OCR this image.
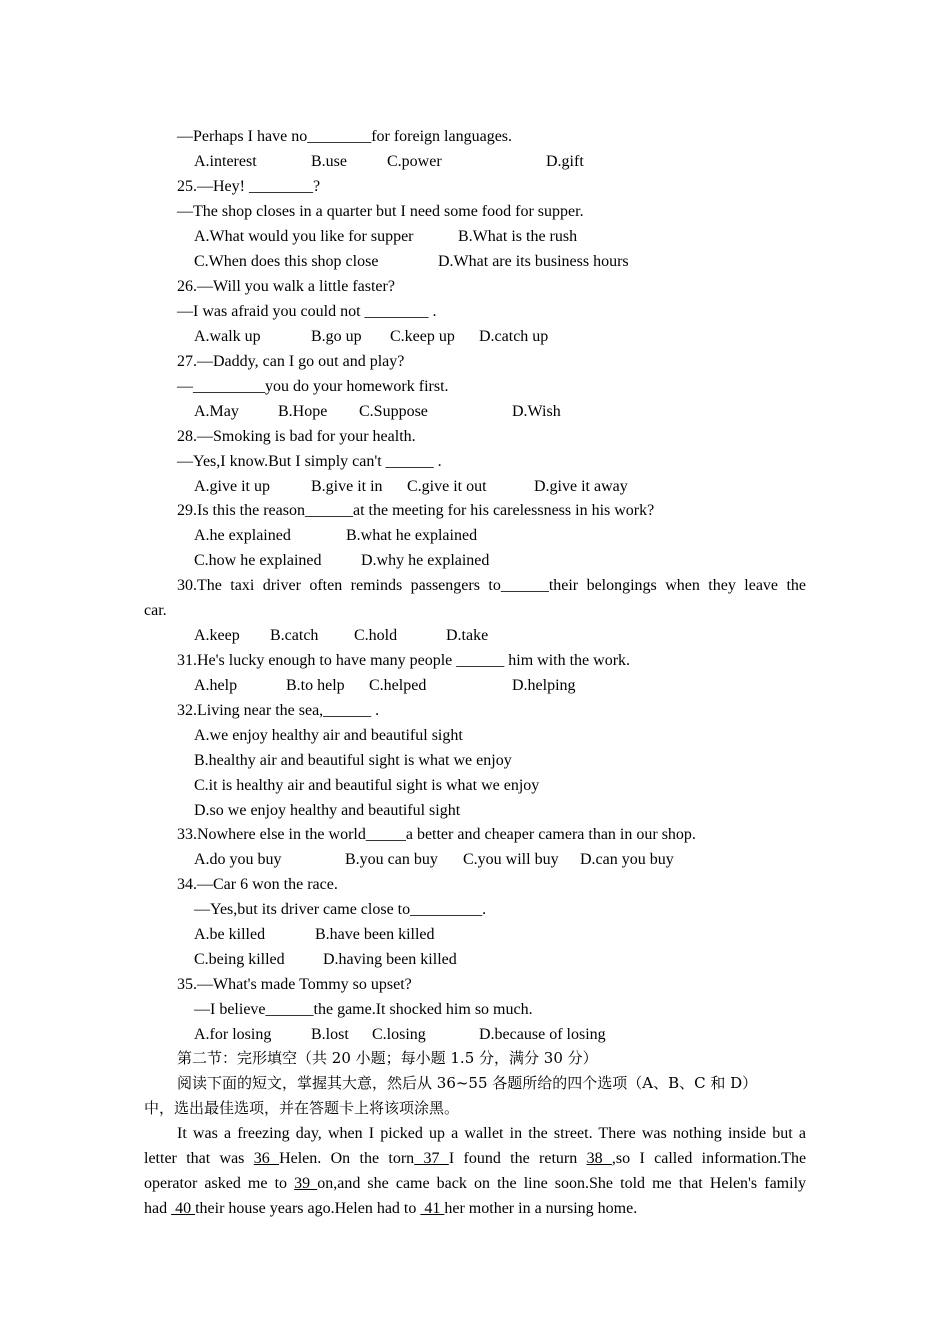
—Perhaps I have no________for foreign languages.
A.interest	B.use	C.power	D.gift
25.—Hey! ________?
—The shop closes in a quarter but I need some food for supper.
A.What would you like for supper	B.What is the rush
C.When does this shop close	D.What are its business hours
26.—Will you walk a little faster?
—I was afraid you could not ________ .
A.walk up	B.go up C.keep up D.catch up
27.—Daddy, can I go out and play?
—_________you do your homework first.
A.May B.Hope C.Suppose	D.Wish
28.—Smoking is bad for your health.
—Yes,I know.But I simply can't ______ .
A.give it up	B.give it in C.give it out	D.give it away
29.Is this the reason______at the meeting for his carelessness in his work?
A.he explained	B.what he explained
C.how he explained D.why he explained
30.The taxi driver often reminds passengers to______their belongings when they leave the
car.
A.keep B.catch C.hold	D.take
31.He's lucky enough to have many people ______ him with the work.
A.help	B.to help C.helped	D.helping
32.Living near the sea,______ .
A.we enjoy healthy air and beautiful sight
B.healthy air and beautiful sight is what we enjoy
C.it is healthy air and beautiful sight is what we enjoy
D.so we enjoy healthy and beautiful sight
33.Nowhere else in the world_____a better and cheaper camera than in our shop.
A.do you buy	B.you can buy C.you will buy D.can you buy
34.—Car 6 won the race.
—Yes,but its driver came close to_________.
A.be killed	B.have been killed
C.being killed D.having been killed
35.—What's made Tommy so upset?
—I believe______the game.It shocked him so much.
A.for losing B.lost C.losing	D.because of losing
第二节：完形填空（共 20 小题；每小题 1.5 分，满分 30 分）
阅读下面的短文，掌握其大意，然后从 36~55 各题所给的四个选项（A、B、C 和 D）
中，选出最佳选项，并在答题卡上将该项涂黑。
It was a freezing day, when I picked up a wallet in the street. There was nothing inside but a
letter that was 36 Helen. On the torn 37 I found the return 38 ,so I called information.The
operator asked me to 39 on,and she came back on the line soon.She told me that Helen's family
had  40 their house years ago.Helen had to  41 her mother in a nursing home.
